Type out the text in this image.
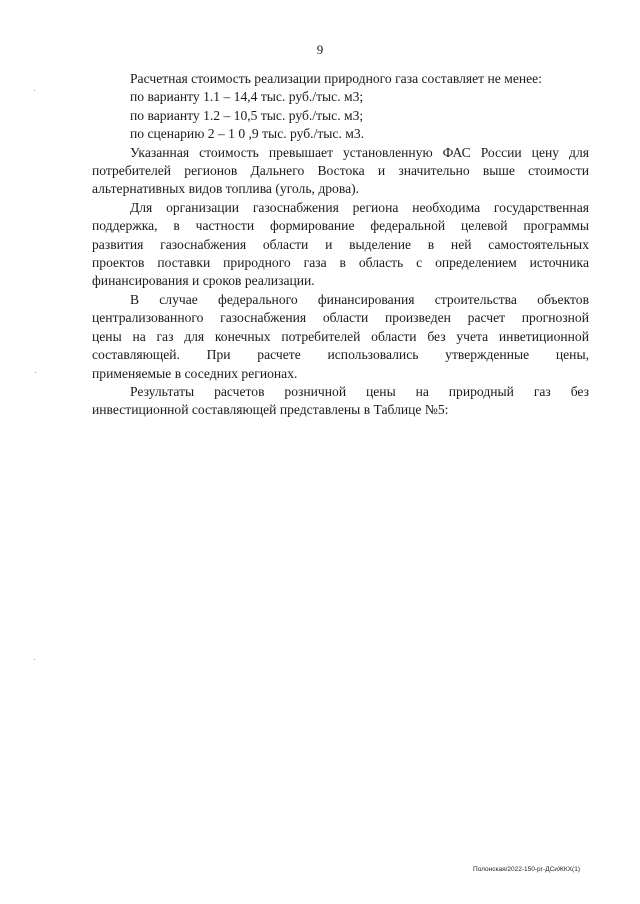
9
Расчетная стоимость реализации природного газа составляет не менее:
по варианту 1.1 – 14,4 тыс. руб./тыс. м3;
по варианту 1.2 – 10,5 тыс. руб./тыс. м3;
по сценарию 2 – 1 0 ,9 тыс. руб./тыс. м3.
Указанная стоимость превышает установленную ФАС России цену для
потребителей регионов Дальнего Востока и значительно выше стоимости
альтернативных видов топлива (уголь, дрова).
Для организации газоснабжения региона необходима государственная
поддержка, в частности формирование федеральной целевой программы
развития газоснабжения области и выделение в ней самостоятельных
проектов поставки природного газа в область с определением источника
финансирования и сроков реализации.
В случае федерального финансирования строительства объектов
централизованного газоснабжения области произведен расчет прогнозной
цены на газ для конечных потребителей области без учета инветиционной
составляющей. При расчете использовались утвержденные цены,
применяемые в соседних регионах.
Результаты расчетов розничной цены на природный газ без
инвестиционной составляющей представлены в Таблице №5:
Полонская/2022-150-рг-ДСиЖКХ(1)
